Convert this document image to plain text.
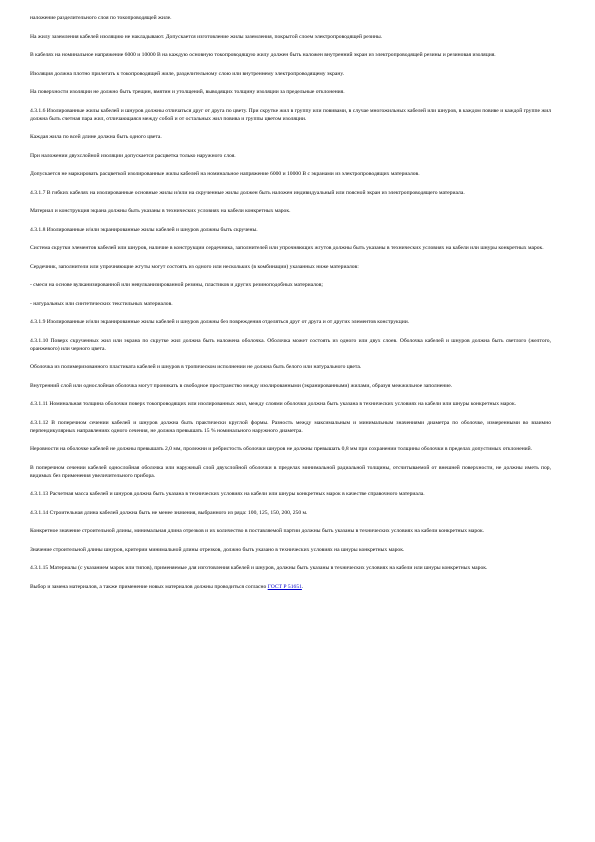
наложение разделительного слоя по токопроводящей жиле.

На жилу заземления кабелей изоляцию не накладывают. Допускается изготовление жилы заземления, покрытой слоем электропроводящей резины.

В кабелях на номинальное напряжение 6000 и 10000 В на каждую основную токопроводящую жилу должен быть наложен внутренний экран из электропроводящей резины и резиновая изоляция.

Изоляция должна плотно прилегать к токопроводящей жиле, разделительному слою или внутреннему электропроводящему экрану.

На поверхности изоляции не должно быть трещин, вмятин и утолщений, выводящих толщину изоляции за предельные отклонения.

4.3.1.6 Изолированные жилы кабелей и шнуров должны отличаться друг от друга по цвету. При скрутке жил в группу или повивами, в случае многожильных кабелей или шнуров, в каждом повиве и каждой группе жил должна быть счетная пара жил, отличающаяся между собой и от остальных жил повива и группы цветом изоляции.

Каждая жила по всей длине должна быть одного цвета.

При наложении двухслойной изоляции допускается расцветка только наружного слоя.

Допускается не маркировать расцветкой изолированные жилы кабелей на номинальное напряжение 6000 и 10000 В с экранами из электропроводящих материалов.

4.3.1.7 В гибких кабелях на изолированные основные жилы и/или на скрученные жилы должен быть наложен индивидуальный или поясной экран из электропроводящего материала.

Материал и конструкция экрана должны быть указаны в технических условиях на кабели конкретных марок.

4.3.1.8 Изолированные и/или экранированные жилы кабелей и шнуров должны быть скручены.

Система скрутки элементов кабелей или шнуров, наличие в конструкции сердечника, заполнителей или упрочняющих жгутов должны быть указаны в технических условиях на кабели или шнуры конкретных марок.

Сердечник, заполнители или упрочняющие жгуты могут состоять из одного или нескольких (в комбинации) указанных ниже материалов:

- смеси на основе вулканизированной или невулканизированной резины, пластиков и других резиноподобных материалов;

- натуральных или синтетических текстильных материалов.

4.3.1.9 Изолированные и/или экранированные жилы кабелей и шнуров должны без повреждения отделяться друг от друга и от других элементов конструкции.

4.3.1.10 Поверх скрученных жил или экрана по скрутке жил должна быть наложена оболочка. Оболочка может состоять из одного или двух слоев. Оболочка кабелей и шнуров должна быть светлого (желтого, оранжевого) или черного цвета.

Оболочка из полимеризованного пластиката кабелей и шнуров в тропическом исполнении не должна быть белого или натурального цвета.

Внутренний слой или однослойная оболочка могут проникать в свободное пространство между изолированными (экранированными) жилами, образуя межжильное заполнение.

4.3.1.11 Номинальная толщина оболочки поверх токопроводящих или изолированных жил, между слоями оболочки должна быть указана в технических условиях на кабели или шнуры конкретных марок.

4.3.1.12 В поперечном сечении кабелей и шнуров должна быть практически круглой формы. Разность между максимальным и минимальным значениями диаметра по оболочке, измеренными во взаимно перпендикулярных направлениях одного сечения, не должна превышать 15 % номинального наружного диаметра.

Неровности на оболочке кабелей не должны превышать 2,0 мм, пролежни и ребристость оболочки шнуров не должны превышать 0,8 мм при сохранении толщины оболочки в пределах допустимых отклонений.

В поперечном сечении кабелей однослойная оболочка или наружный слой двухслойной оболочки в пределах минимальной радиальной толщины, отсчитываемой от внешней поверхности, не должны иметь пор, видимых без применения увеличительного прибора.

4.3.1.13 Расчетная масса кабелей и шнуров должна быть указана в технических условиях на кабели или шнуры конкретных марок в качестве справочного материала.

4.3.1.14 Строительная длина кабелей должна быть не менее значения, выбранного из ряда: 100, 125, 150, 200, 250 м.

Конкретное значение строительной длины, минимальная длина отрезков и их количество в поставляемой партии должны быть указаны в технических условиях на кабели конкретных марок.

Значение строительной длины шнуров, критерии минимальной длины отрезков, должно быть указано в технических условиях на шнуры конкретных марок.

4.3.1.15 Материалы (с указанием марок или типов), применяемые для изготовления кабелей и шнуров, должны быть указаны в технических условиях на кабели или шнуры конкретных марок.

Выбор и замена материалов, а также применение новых материалов должны проводиться согласно ГОСТ Р 51651.
